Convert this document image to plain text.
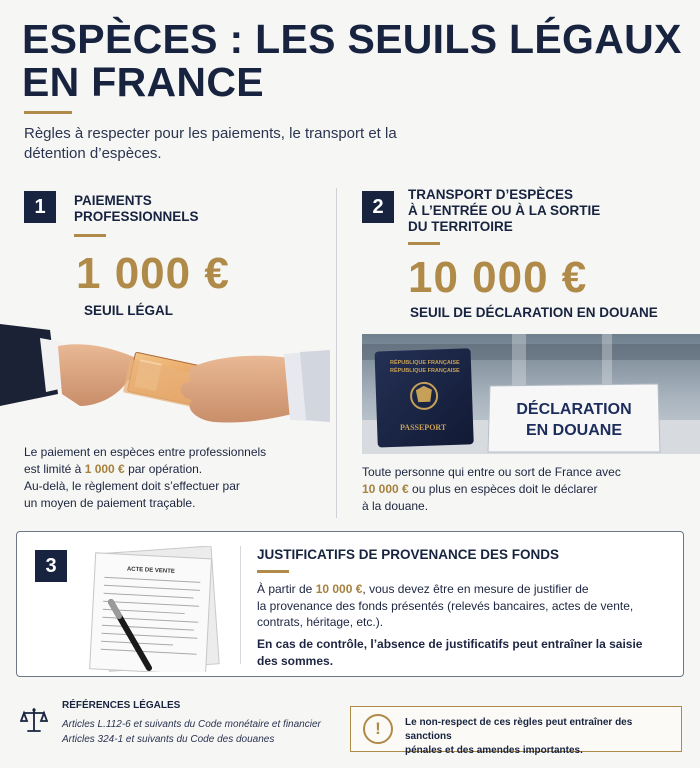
ESPÈCES : LES SEUILS LÉGAUX EN FRANCE

Règles à respecter pour les paiements, le transport et la détention d’espèces.

1	PAIEMENTS
PROFESSIONNELS
1 000 €
SEUIL LÉGAL
Le paiement en espèces entre professionnels
est limité à 1 000 € par opération.
Au-delà, le règlement doit s’effectuer par
un moyen de paiement traçable.
2
TRANSPORT D’ESPÈCES
À L’ENTRÉE OU À LA SORTIE
DU TERRITOIRE
10 000 €
SEUIL DE DÉCLARATION EN DOUANE
RÉPUBLIQUE FRANÇAISE
RÉPUBLIQUE FRANÇAISE
PASSEPORT
DÉCLARATION
EN DOUANE
Toute personne qui entre ou sort de France avec
10 000 € ou plus en espèces doit le déclarer
à la douane.
3	ACTE DE VENTE
JUSTIFICATIFS DE PROVENANCE DES FONDS
À partir de 10 000 €, vous devez être en mesure de justifier de
la provenance des fonds présentés (relevés bancaires, actes de vente,
contrats, héritage, etc.).
En cas de contrôle, l’absence de justificatifs peut entraîner la saisie
des sommes.
RÉFÉRENCES LÉGALES
Articles L.112-6 et suivants du Code monétaire et financier
Articles 324-1 et suivants du Code des douanes
!	Le non-respect de ces règles peut entraîner des sanctions
pénales et des amendes importantes.
